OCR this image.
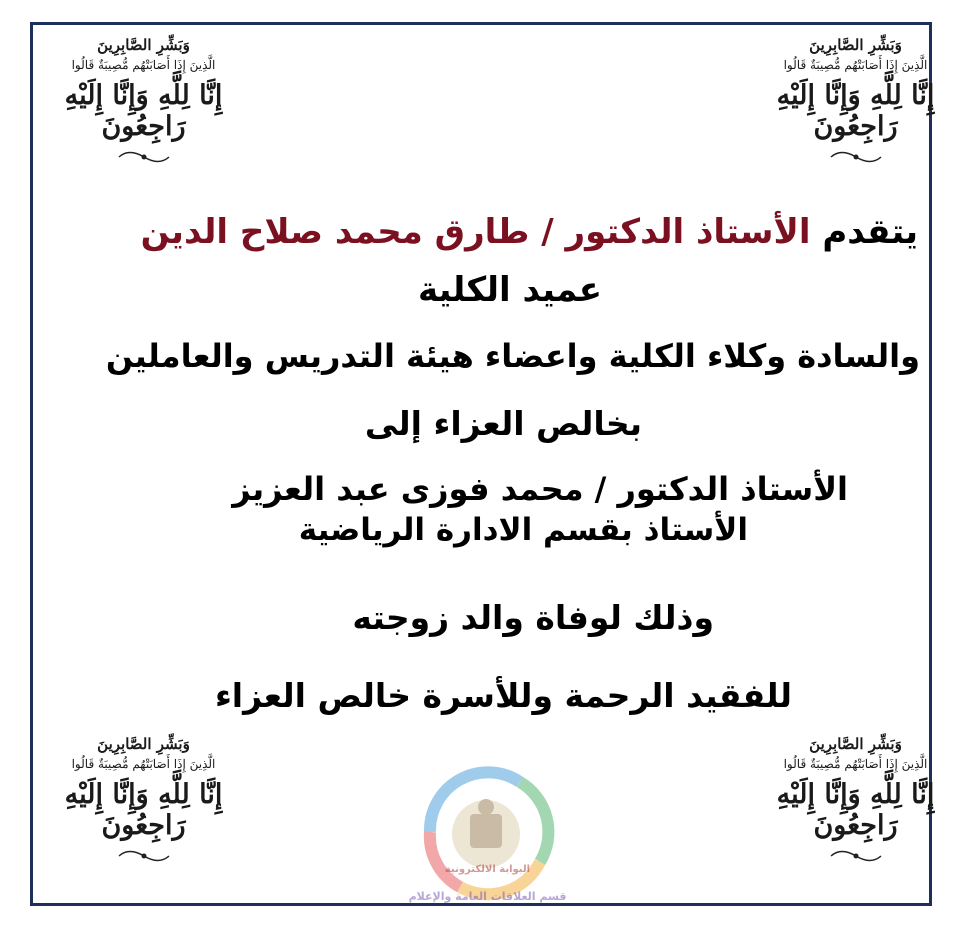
وَبَشِّرِ الصَّابِرِينَ
الَّذِينَ إِذَا أَصَابَتْهُم مُّصِيبَةٌ قَالُوا
إِنَّا لِلَّهِ وَإِنَّا إِلَيْهِ رَاجِعُونَ
وَبَشِّرِ الصَّابِرِينَ
الَّذِينَ إِذَا أَصَابَتْهُم مُّصِيبَةٌ قَالُوا
إِنَّا لِلَّهِ وَإِنَّا إِلَيْهِ رَاجِعُونَ
وَبَشِّرِ الصَّابِرِينَ
الَّذِينَ إِذَا أَصَابَتْهُم مُّصِيبَةٌ قَالُوا
إِنَّا لِلَّهِ وَإِنَّا إِلَيْهِ رَاجِعُونَ
وَبَشِّرِ الصَّابِرِينَ
الَّذِينَ إِذَا أَصَابَتْهُم مُّصِيبَةٌ قَالُوا
إِنَّا لِلَّهِ وَإِنَّا إِلَيْهِ رَاجِعُونَ
يتقدم الأستاذ الدكتور / طارق محمد صلاح الدين
عميد الكلية
والسادة وكلاء الكلية واعضاء هيئة التدريس والعاملين
بخالص العزاء إلى
الأستاذ الدكتور / محمد فوزى عبد العزيز
الأستاذ بقسم الادارة الرياضية
وذلك لوفاة والد زوجته
للفقيد الرحمة وللأسرة خالص العزاء
البوابة الالكترونية
قسم العلاقات العامة والإعلام
